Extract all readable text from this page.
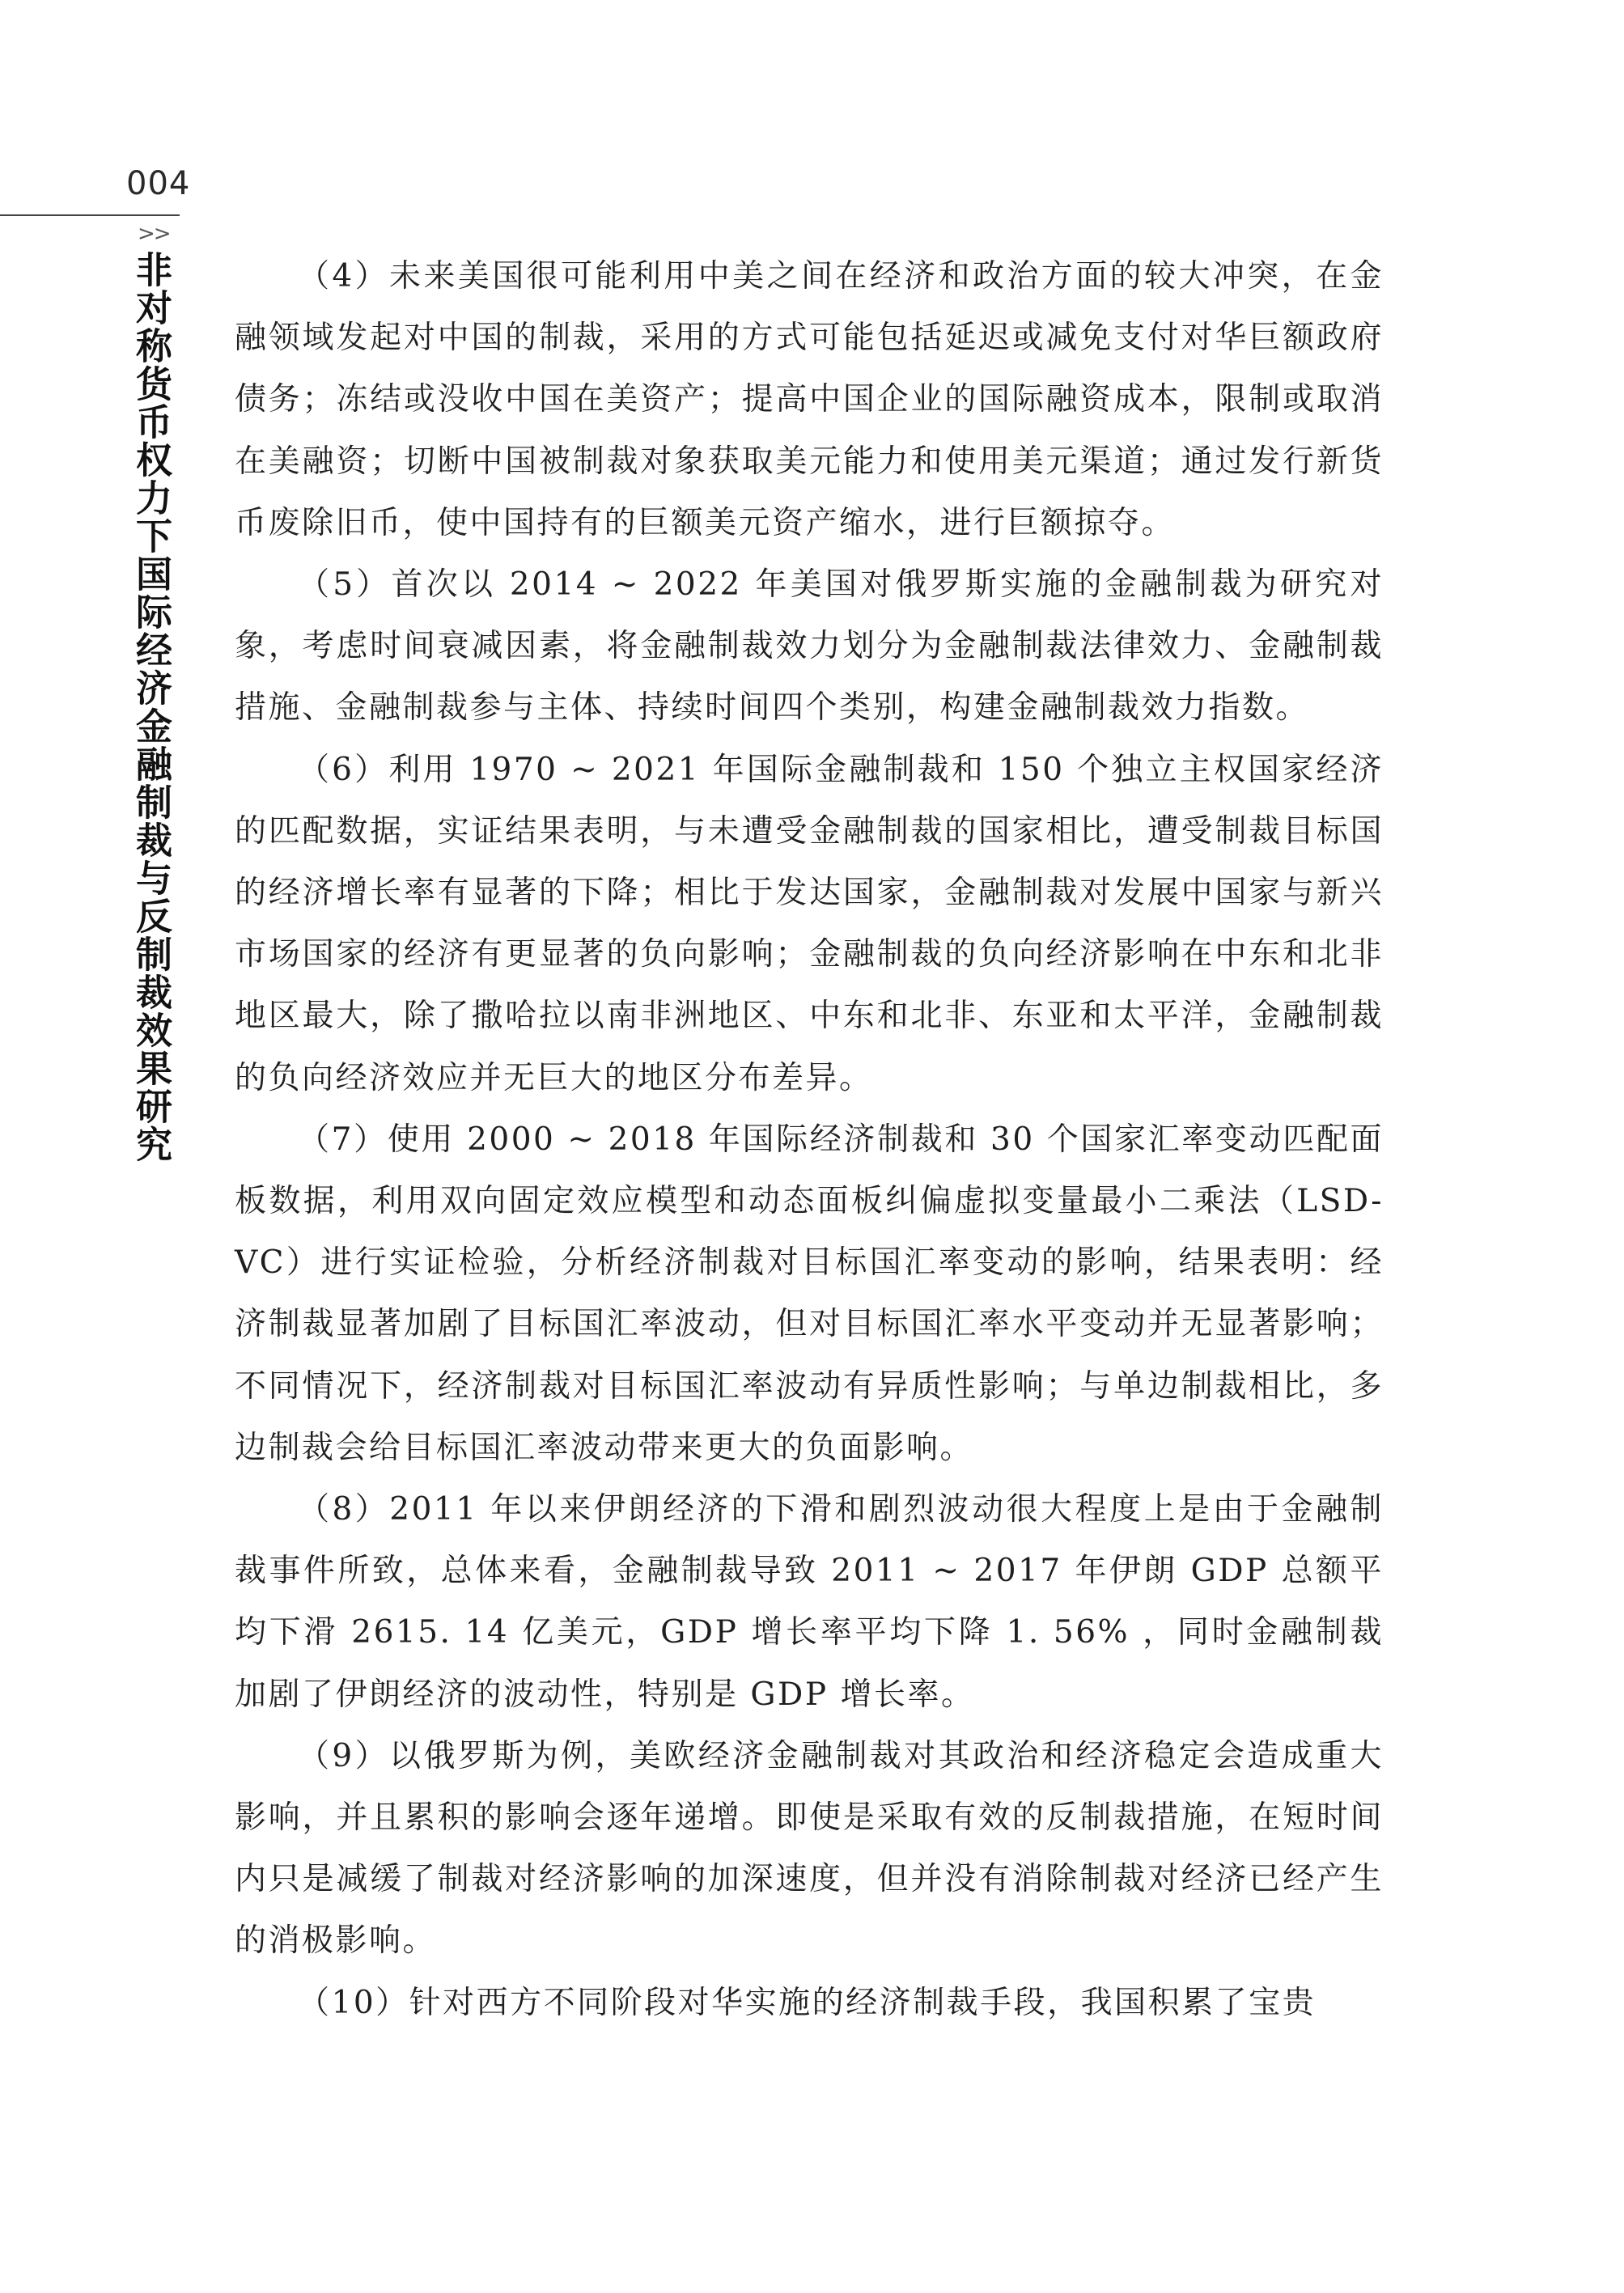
004
>>
非对称货币权力下国际经济金融制裁与反制裁效果研究	（4）未来美国很可能利用中美之间在经济和政治方面的较大冲突，在金融领域发起对中国的制裁，采用的方式可能包括延迟或减免支付对华巨额政府债务；冻结或没收中国在美资产；提高中国企业的国际融资成本，限制或取消在美融资；切断中国被制裁对象获取美元能力和使用美元渠道；通过发行新货币废除旧币，使中国持有的巨额美元资产缩水，进行巨额掠夺。

（5）首次以 2014 ~ 2022 年美国对俄罗斯实施的金融制裁为研究对象，考虑时间衰减因素，将金融制裁效力划分为金融制裁法律效力、金融制裁措施、金融制裁参与主体、持续时间四个类别，构建金融制裁效力指数。

（6）利用 1970 ~ 2021 年国际金融制裁和 150 个独立主权国家经济的匹配数据，实证结果表明，与未遭受金融制裁的国家相比，遭受制裁目标国的经济增长率有显著的下降；相比于发达国家，金融制裁对发展中国家与新兴市场国家的经济有更显著的负向影响；金融制裁的负向经济影响在中东和北非地区最大，除了撒哈拉以南非洲地区、中东和北非、东亚和太平洋，金融制裁的负向经济效应并无巨大的地区分布差异。

（7）使用 2000 ~ 2018 年国际经济制裁和 30 个国家汇率变动匹配面板数据，利用双向固定效应模型和动态面板纠偏虚拟变量最小二乘法（LSD-VC）进行实证检验，分析经济制裁对目标国汇率变动的影响，结果表明：经济制裁显著加剧了目标国汇率波动，但对目标国汇率水平变动并无显著影响；不同情况下，经济制裁对目标国汇率波动有异质性影响；与单边制裁相比，多边制裁会给目标国汇率波动带来更大的负面影响。

（8）2011 年以来伊朗经济的下滑和剧烈波动很大程度上是由于金融制裁事件所致，总体来看，金融制裁导致 2011 ~ 2017 年伊朗 GDP 总额平均下滑 2615. 14 亿美元，GDP 增长率平均下降 1. 56% ，同时金融制裁加剧了伊朗经济的波动性，特别是 GDP 增长率。

（9）以俄罗斯为例，美欧经济金融制裁对其政治和经济稳定会造成重大影响，并且累积的影响会逐年递增。即使是采取有效的反制裁措施，在短时间内只是减缓了制裁对经济影响的加深速度，但并没有消除制裁对经济已经产生的消极影响。

（10）针对西方不同阶段对华实施的经济制裁手段，我国积累了宝贵
